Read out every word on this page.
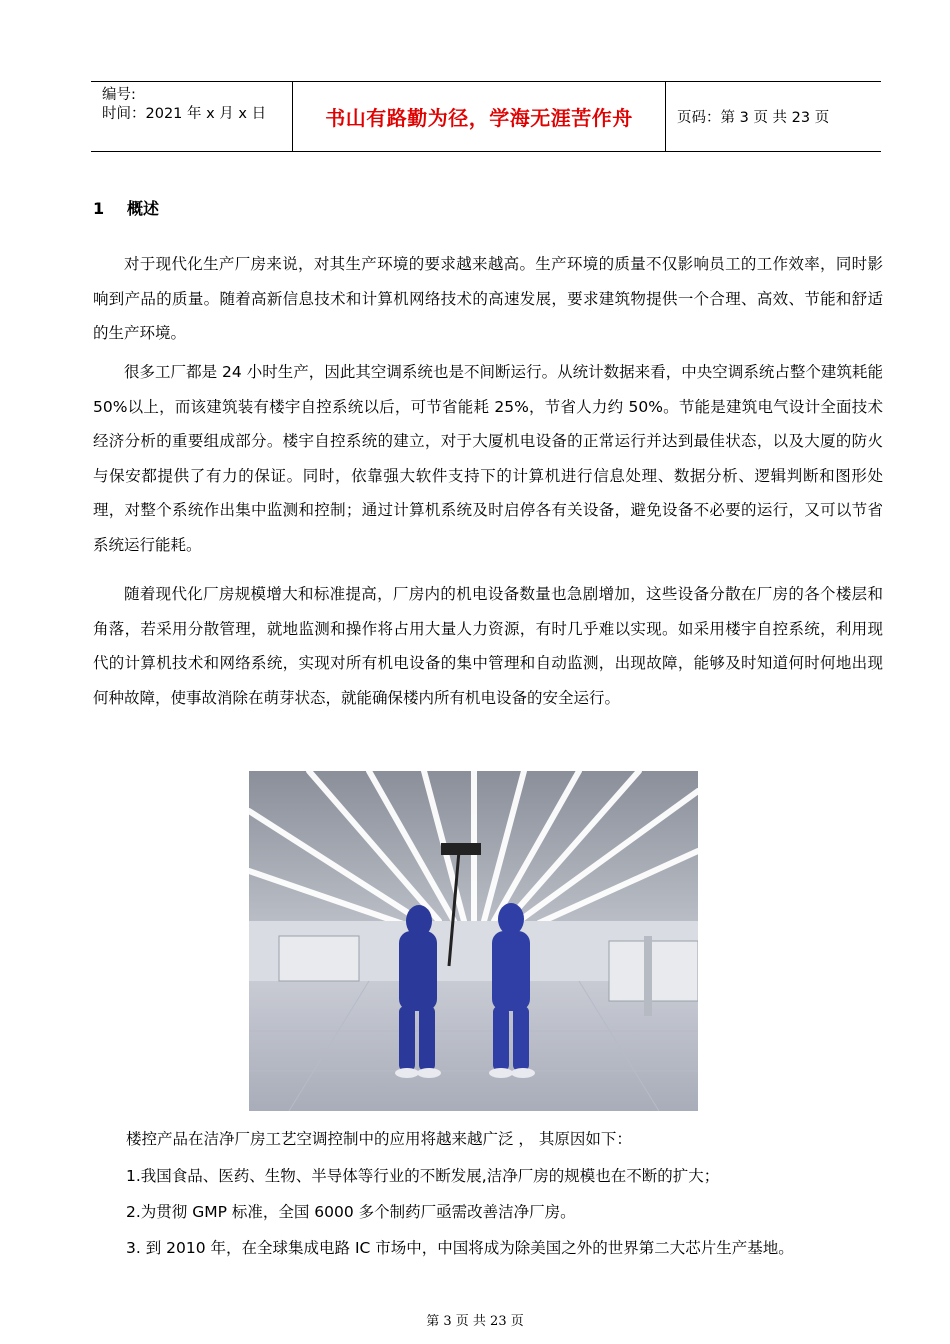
编号:
时间：2021 年 x 月 x 日	书山有路勤为径，学海无涯苦作舟	页码：第 3 页 共 23 页
1 概述

对于现代化生产厂房来说，对其生产环境的要求越来越高。生产环境的质量不仅影响员工的工作效率，同时影响到产品的质量。随着高新信息技术和计算机网络技术的高速发展，要求建筑物提供一个合理、高效、节能和舒适的生产环境。

很多工厂都是 24 小时生产，因此其空调系统也是不间断运行。从统计数据来看，中央空调系统占整个建筑耗能 50%以上，而该建筑装有楼宇自控系统以后，可节省能耗 25%，节省人力约 50%。节能是建筑电气设计全面技术经济分析的重要组成部分。楼宇自控系统的建立，对于大厦机电设备的正常运行并达到最佳状态，以及大厦的防火与保安都提供了有力的保证。同时，依靠强大软件支持下的计算机进行信息处理、数据分析、逻辑判断和图形处理，对整个系统作出集中监测和控制；通过计算机系统及时启停各有关设备，避免设备不必要的运行，又可以节省系统运行能耗。

随着现代化厂房规模增大和标准提高，厂房内的机电设备数量也急剧增加，这些设备分散在厂房的各个楼层和角落，若采用分散管理，就地监测和操作将占用大量人力资源，有时几乎难以实现。如采用楼宇自控系统，利用现代的计算机技术和网络系统，实现对所有机电设备的集中管理和自动监测，出现故障，能够及时知道何时何地出现何种故障，使事故消除在萌芽状态，就能确保楼内所有机电设备的安全运行。

楼控产品在洁净厂房工艺空调控制中的应用将越来越广泛 ， 其原因如下：
1.我国食品、医药、生物、半导体等行业的不断发展,洁净厂房的规模也在不断的扩大；
2.为贯彻 GMP 标准，全国 6000 多个制药厂亟需改善洁净厂房。
3. 到 2010 年，在全球集成电路 IC 市场中，中国将成为除美国之外的世界第二大芯片生产基地。
第 3 页 共 23 页
